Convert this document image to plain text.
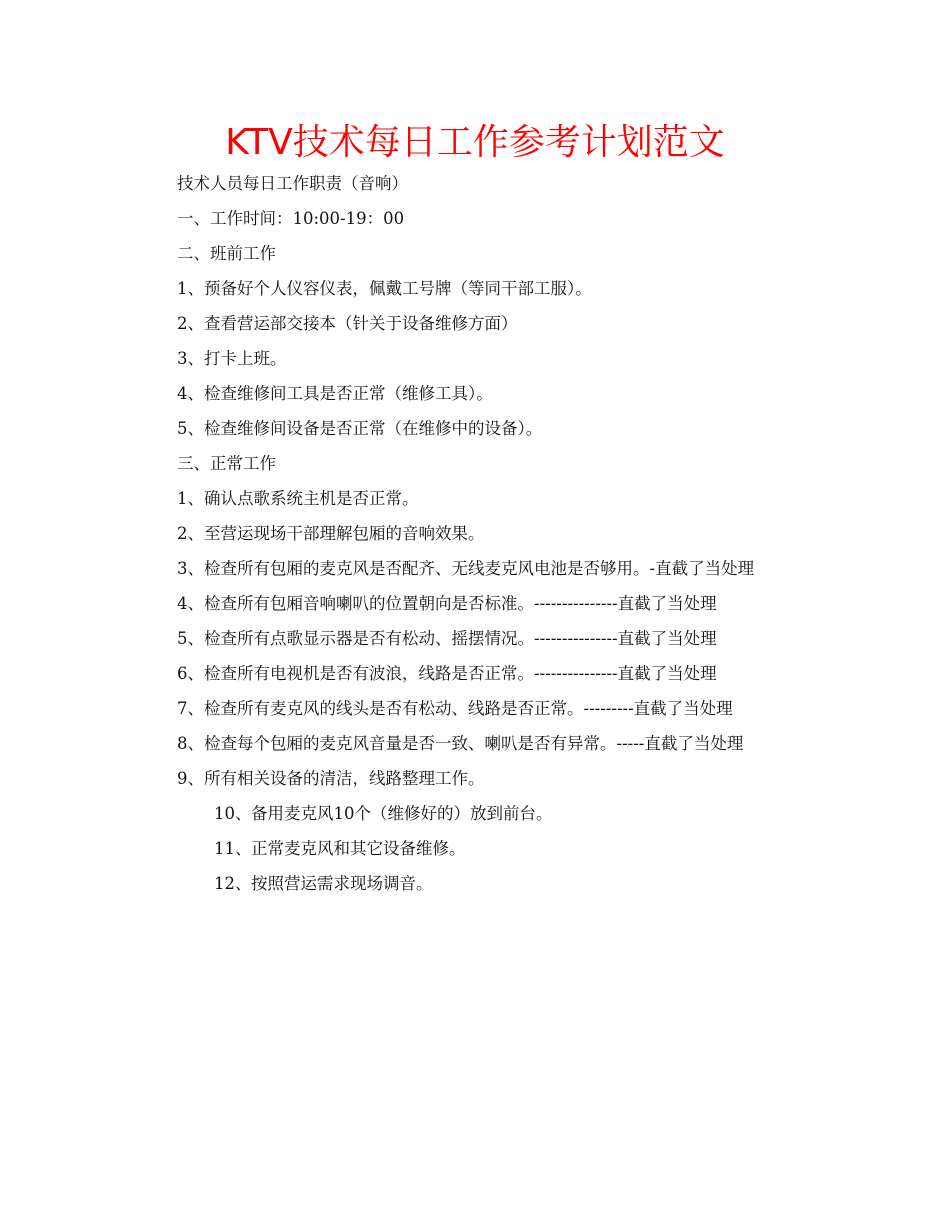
KTV技术每日工作参考计划范文

技术人员每日工作职责（音响）

一、工作时间：10:00-19：00

二、班前工作

1、预备好个人仪容仪表，佩戴工号牌（等同干部工服）。

2、查看营运部交接本（针关于设备维修方面）

3、打卡上班。

4、检查维修间工具是否正常（维修工具）。

5、检查维修间设备是否正常（在维修中的设备）。

三、正常工作

1、确认点歌系统主机是否正常。

2、至营运现场干部理解包厢的音响效果。

3、检查所有包厢的麦克风是否配齐、无线麦克风电池是否够用。-直截了当处理

4、检查所有包厢音响喇叭的位置朝向是否标准。---------------直截了当处理

5、检查所有点歌显示器是否有松动、摇摆情况。---------------直截了当处理

6、检查所有电视机是否有波浪，线路是否正常。---------------直截了当处理

7、检查所有麦克风的线头是否有松动、线路是否正常。---------直截了当处理

8、检查每个包厢的麦克风音量是否一致、喇叭是否有异常。-----直截了当处理

9、所有相关设备的清洁，线路整理工作。

10、备用麦克风10个（维修好的）放到前台。

11、正常麦克风和其它设备维修。

12、按照营运需求现场调音。
